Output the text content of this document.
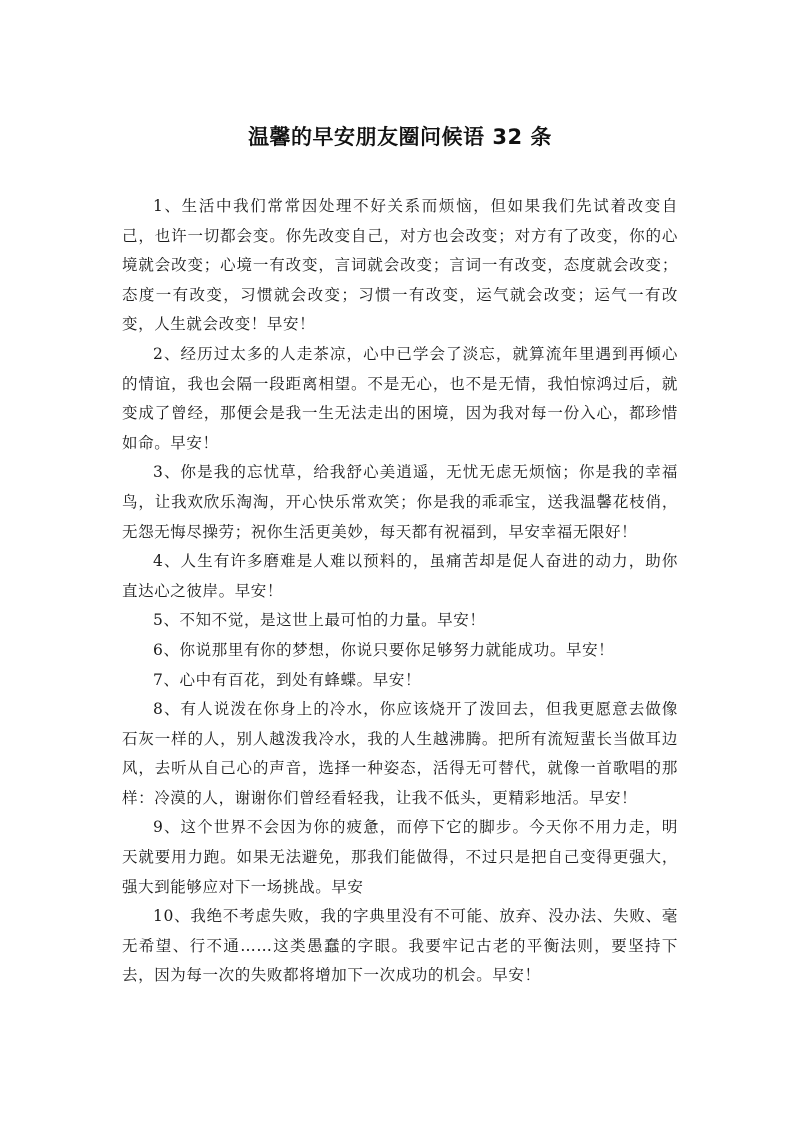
温馨的早安朋友圈问候语 32 条

1、生活中我们常常因处理不好关系而烦恼，但如果我们先试着改变自己，也许一切都会变。你先改变自己，对方也会改变；对方有了改变，你的心境就会改变；心境一有改变，言词就会改变；言词一有改变，态度就会改变；态度一有改变，习惯就会改变；习惯一有改变，运气就会改变；运气一有改变，人生就会改变！早安！

2、经历过太多的人走茶凉，心中已学会了淡忘，就算流年里遇到再倾心的情谊，我也会隔一段距离相望。不是无心，也不是无情，我怕惊鸿过后，就变成了曾经，那便会是我一生无法走出的困境，因为我对每一份入心，都珍惜如命。早安！

3、你是我的忘忧草，给我舒心美逍遥，无忧无虑无烦恼；你是我的幸福鸟，让我欢欣乐淘淘，开心快乐常欢笑；你是我的乖乖宝，送我温馨花枝俏，无怨无悔尽操劳；祝你生活更美妙，每天都有祝福到，早安幸福无限好！

4、人生有许多磨难是人难以预料的，虽痛苦却是促人奋进的动力，助你直达心之彼岸。早安！

5、不知不觉，是这世上最可怕的力量。早安！

6、你说那里有你的梦想，你说只要你足够努力就能成功。早安！

7、心中有百花，到处有蜂蝶。早安！

8、有人说泼在你身上的冷水，你应该烧开了泼回去，但我更愿意去做像石灰一样的人，别人越泼我冷水，我的人生越沸腾。把所有流短蜚长当做耳边风，去听从自己心的声音，选择一种姿态，活得无可替代，就像一首歌唱的那样：冷漠的人，谢谢你们曾经看轻我，让我不低头，更精彩地活。早安！

9、这个世界不会因为你的疲惫，而停下它的脚步。今天你不用力走，明天就要用力跑。如果无法避免，那我们能做得，不过只是把自己变得更强大，强大到能够应对下一场挑战。早安

10、我绝不考虑失败，我的字典里没有不可能、放弃、没办法、失败、毫无希望、行不通……这类愚蠢的字眼。我要牢记古老的平衡法则，要坚持下去，因为每一次的失败都将增加下一次成功的机会。早安！
